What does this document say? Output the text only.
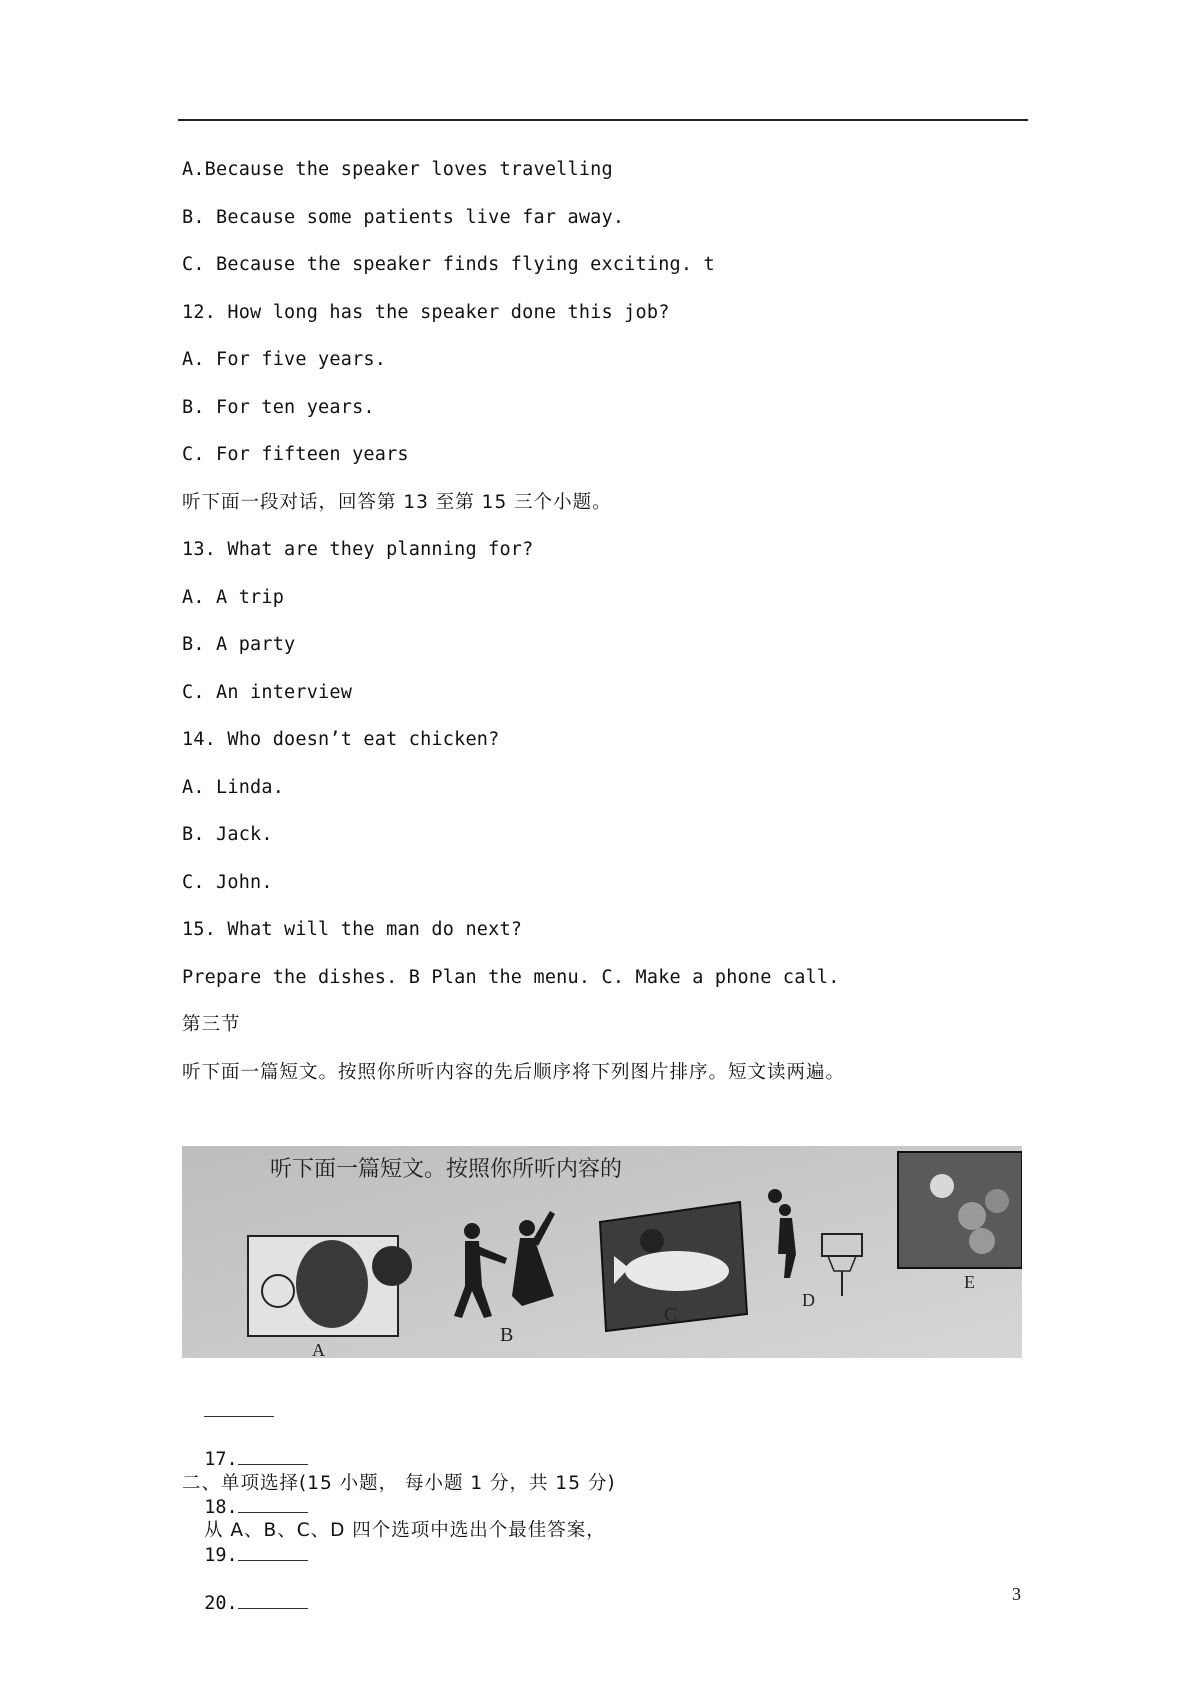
A.Because the speaker loves travelling
B. Because some patients live far away.
C. Because the speaker finds flying exciting. t
12. How long has the speaker done this job?
A. For five years.
B. For ten years.
C. For fifteen years
听下面一段对话，回答第 13 至第 15 三个小题。
13. What are they planning for?
A. A trip
B. A party
C. An interview
14. Who doesn’t eat chicken?
A. Linda.
B. Jack.
C. John.
15. What will the man do next?
Prepare the dishes. B Plan the menu. C. Make a phone call.
第三节
听下面一篇短文。按照你所听内容的先后顺序将下列图片排序。短文读两遍。
听下面一篇短文。按照你所听内容的
A
B
C
D
E

17.

18.

19.

20.

二、单项选择(15 小题， 每小题 1 分，共 15 分)
从 A、B、C、D 四个选项中选出个最佳答案，
3
